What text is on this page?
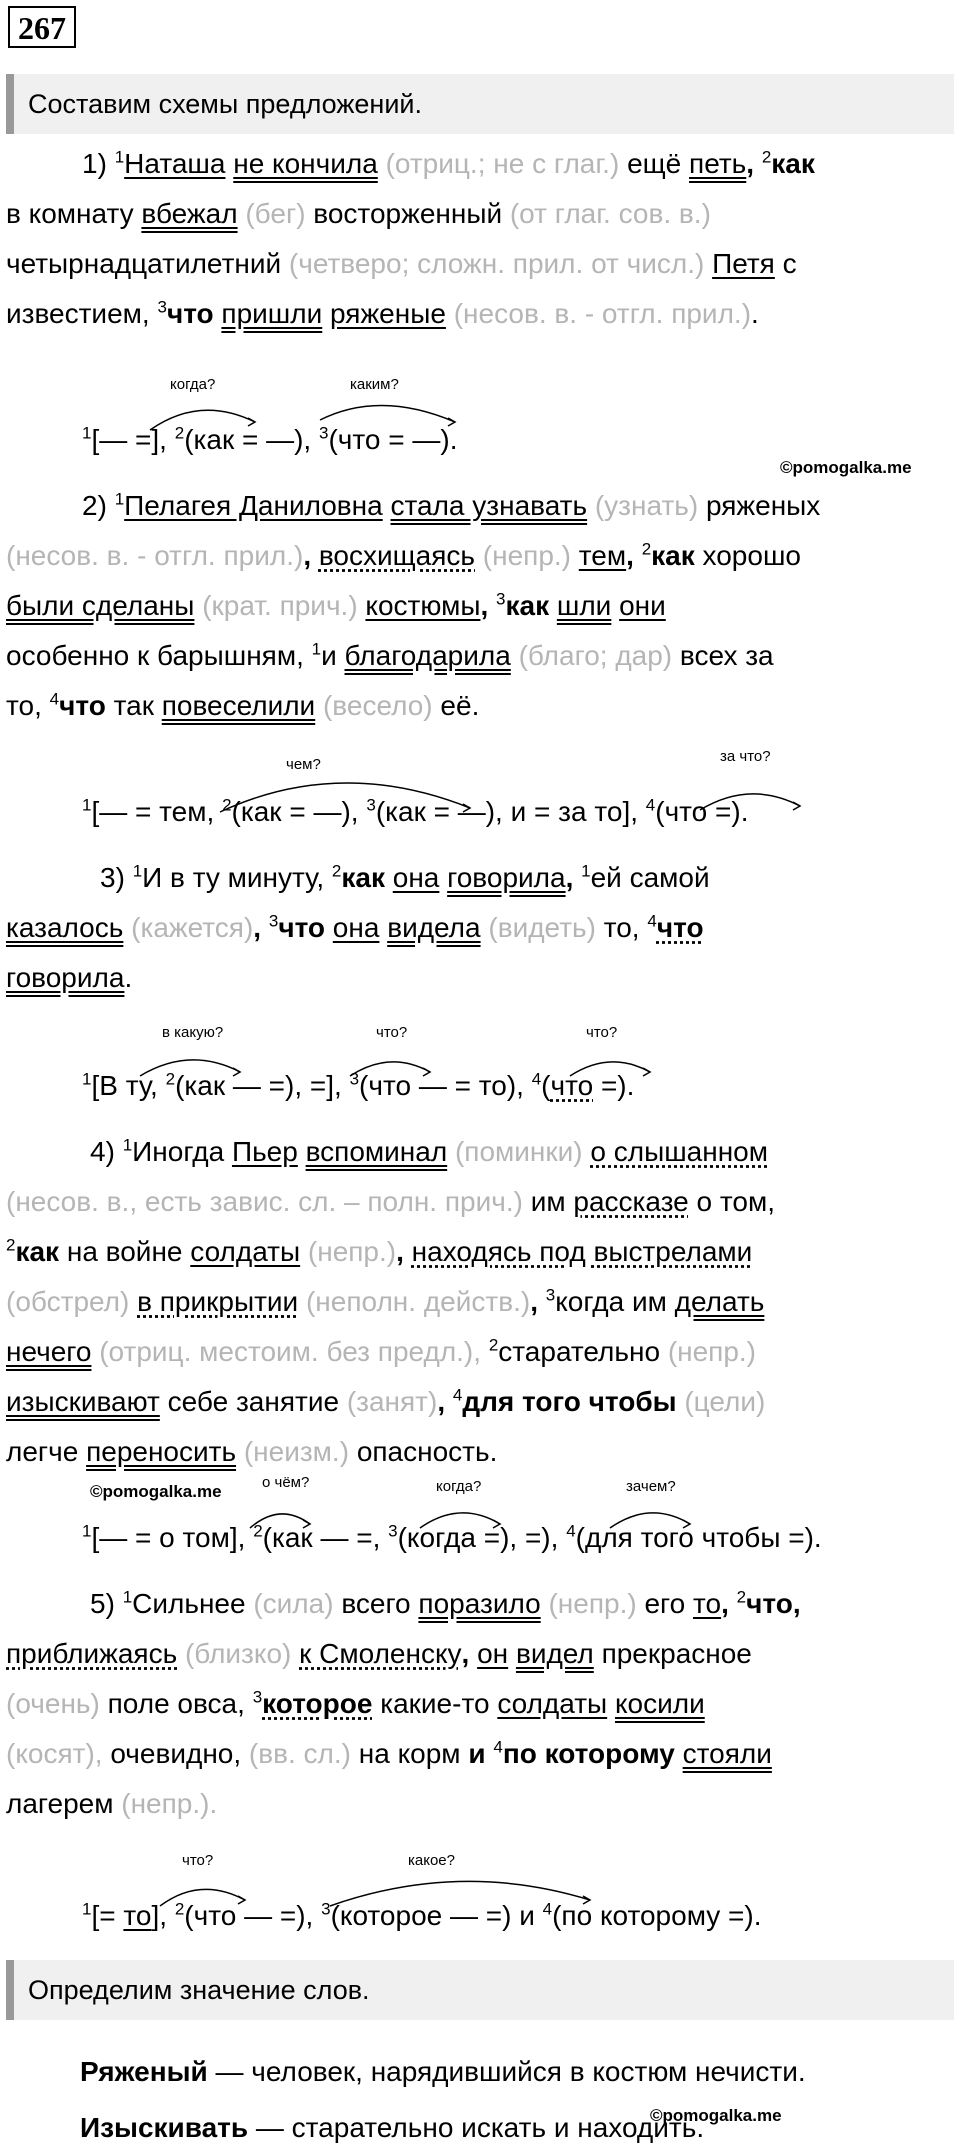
267
Составим схемы предложений.
1) $^1$Наташа не кончила (отриц.; не с глаг.) ещё петь, $^2$как
в комнату вбежал (бег) восторженный (от глаг. сов. в.)
четырнадцатилетний (четверо; сложн. прил. от числ.) Петя с
известием, $^3$что пришли ряженые (несов. в. - отгл. прил.).
когда?	каким?
$^1$[— =], $^2$(как = —), $^3$(что = —).
©pomogalka.me
2) $^1$Пелагея Даниловна стала узнавать (узнать) ряженых
(несов. в. - отгл. прил.), восхищаясь (непр.) тем, $^2$как хорошо
были сделаны (крат. прич.) костюмы, $^3$как шли они
особенно к барышням, $^1$и благодарила (благо; дар) всех за
то, $^4$что так повеселили (весело) её.
чем?	за что?
$^1$[— = тем, $^2$(как = —), $^3$(как = —), и = за то], $^4$(что =).
3) $^1$И в ту минуту, $^2$как она говорила, $^1$ей самой
казалось (кажется), $^3$что она видела (видеть) то, $^4$что
говорила.
в какую?	что?	что?
$^1$[В ту, $^2$(как — =), =], $^3$(что — = то), $^4$(что =).
4) $^1$Иногда Пьер вспоминал (поминки) о слышанном
(несов. в., есть завис. сл. – полн. прич.) им рассказе о том,
$^2$как на войне солдаты (непр.), находясь под выстрелами
(обстрел) в прикрытии (неполн. действ.), $^3$когда им делать
нечего (отриц. местоим. без предл.), $^2$старательно (непр.)
изыскивают себе занятие (занят), $^4$для того чтобы (цели)
легче переносить (неизм.) опасность.
©pomogalka.me	о чём?	когда?	зачем?
$^1$[— = о том], $^2$(как — =, $^3$(когда =), =), $^4$(для того чтобы =).
5) $^1$Сильнее (сила) всего поразило (непр.) его то, $^2$что,
приближаясь (близко) к Смоленску, он видел прекрасное
(очень) поле овса, $^3$которое какие-то солдаты косили
(косят), очевидно, (вв. сл.) на корм и $^4$по которому стояли
лагерем (непр.).
что?	какое?
$^1$[= то], $^2$(что — =), $^3$(которое — =) и $^4$(по которому =).
Определим значение слов.
Ряженый — человек, нарядившийся в костюм нечисти.
©pomogalka.me
Изыскивать — старательно искать и находить.
